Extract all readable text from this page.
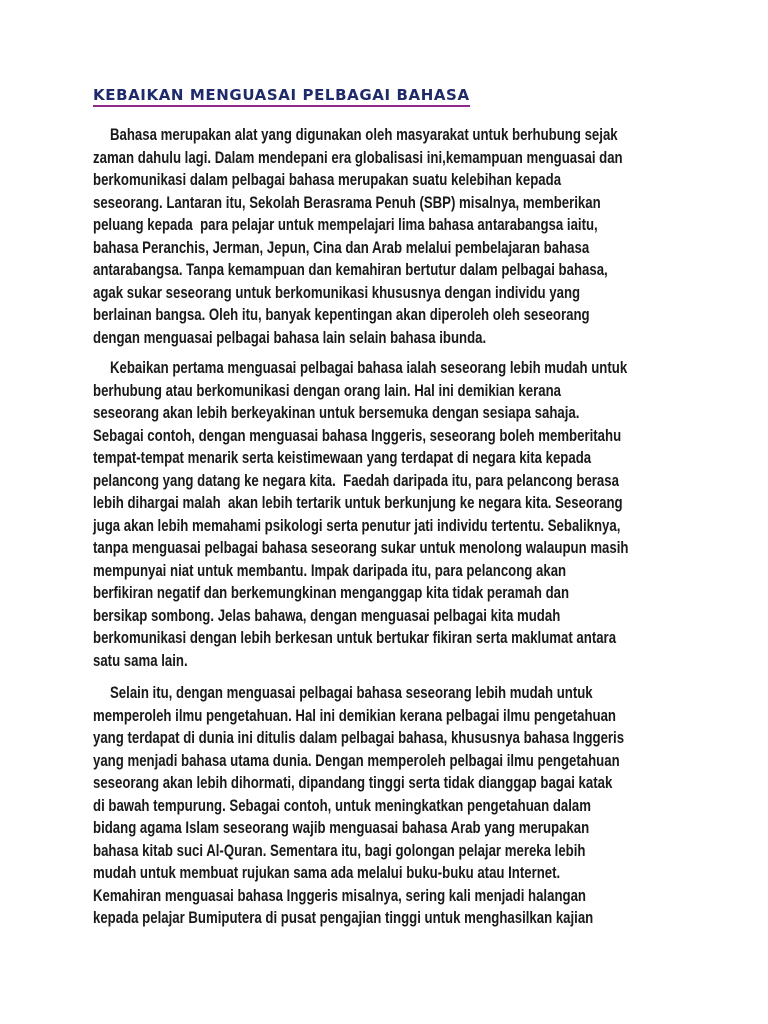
KEBAIKAN MENGUASAI PELBAGAI BAHASA
Bahasa merupakan alat yang digunakan oleh masyarakat untuk berhubung sejak
zaman dahulu lagi. Dalam mendepani era globalisasi ini,kemampuan menguasai dan
berkomunikasi dalam pelbagai bahasa merupakan suatu kelebihan kepada
seseorang. Lantaran itu, Sekolah Berasrama Penuh (SBP) misalnya, memberikan
peluang kepada  para pelajar untuk mempelajari lima bahasa antarabangsa iaitu,
bahasa Peranchis, Jerman, Jepun, Cina dan Arab melalui pembelajaran bahasa
antarabangsa. Tanpa kemampuan dan kemahiran bertutur dalam pelbagai bahasa,
agak sukar seseorang untuk berkomunikasi khususnya dengan individu yang
berlainan bangsa. Oleh itu, banyak kepentingan akan diperoleh oleh seseorang
dengan menguasai pelbagai bahasa lain selain bahasa ibunda.
Kebaikan pertama menguasai pelbagai bahasa ialah seseorang lebih mudah untuk
berhubung atau berkomunikasi dengan orang lain. Hal ini demikian kerana
seseorang akan lebih berkeyakinan untuk bersemuka dengan sesiapa sahaja.
Sebagai contoh, dengan menguasai bahasa Inggeris, seseorang boleh memberitahu
tempat-tempat menarik serta keistimewaan yang terdapat di negara kita kepada
pelancong yang datang ke negara kita.  Faedah daripada itu, para pelancong berasa
lebih dihargai malah  akan lebih tertarik untuk berkunjung ke negara kita. Seseorang
juga akan lebih memahami psikologi serta penutur jati individu tertentu. Sebaliknya,
tanpa menguasai pelbagai bahasa seseorang sukar untuk menolong walaupun masih
mempunyai niat untuk membantu. Impak daripada itu, para pelancong akan
berfikiran negatif dan berkemungkinan menganggap kita tidak peramah dan
bersikap sombong. Jelas bahawa, dengan menguasai pelbagai kita mudah
berkomunikasi dengan lebih berkesan untuk bertukar fikiran serta maklumat antara
satu sama lain.
Selain itu, dengan menguasai pelbagai bahasa seseorang lebih mudah untuk
memperoleh ilmu pengetahuan. Hal ini demikian kerana pelbagai ilmu pengetahuan
yang terdapat di dunia ini ditulis dalam pelbagai bahasa, khususnya bahasa Inggeris
yang menjadi bahasa utama dunia. Dengan memperoleh pelbagai ilmu pengetahuan
seseorang akan lebih dihormati, dipandang tinggi serta tidak dianggap bagai katak
di bawah tempurung. Sebagai contoh, untuk meningkatkan pengetahuan dalam
bidang agama Islam seseorang wajib menguasai bahasa Arab yang merupakan
bahasa kitab suci Al-Quran. Sementara itu, bagi golongan pelajar mereka lebih
mudah untuk membuat rujukan sama ada melalui buku-buku atau Internet.
Kemahiran menguasai bahasa Inggeris misalnya, sering kali menjadi halangan
kepada pelajar Bumiputera di pusat pengajian tinggi untuk menghasilkan kajian
